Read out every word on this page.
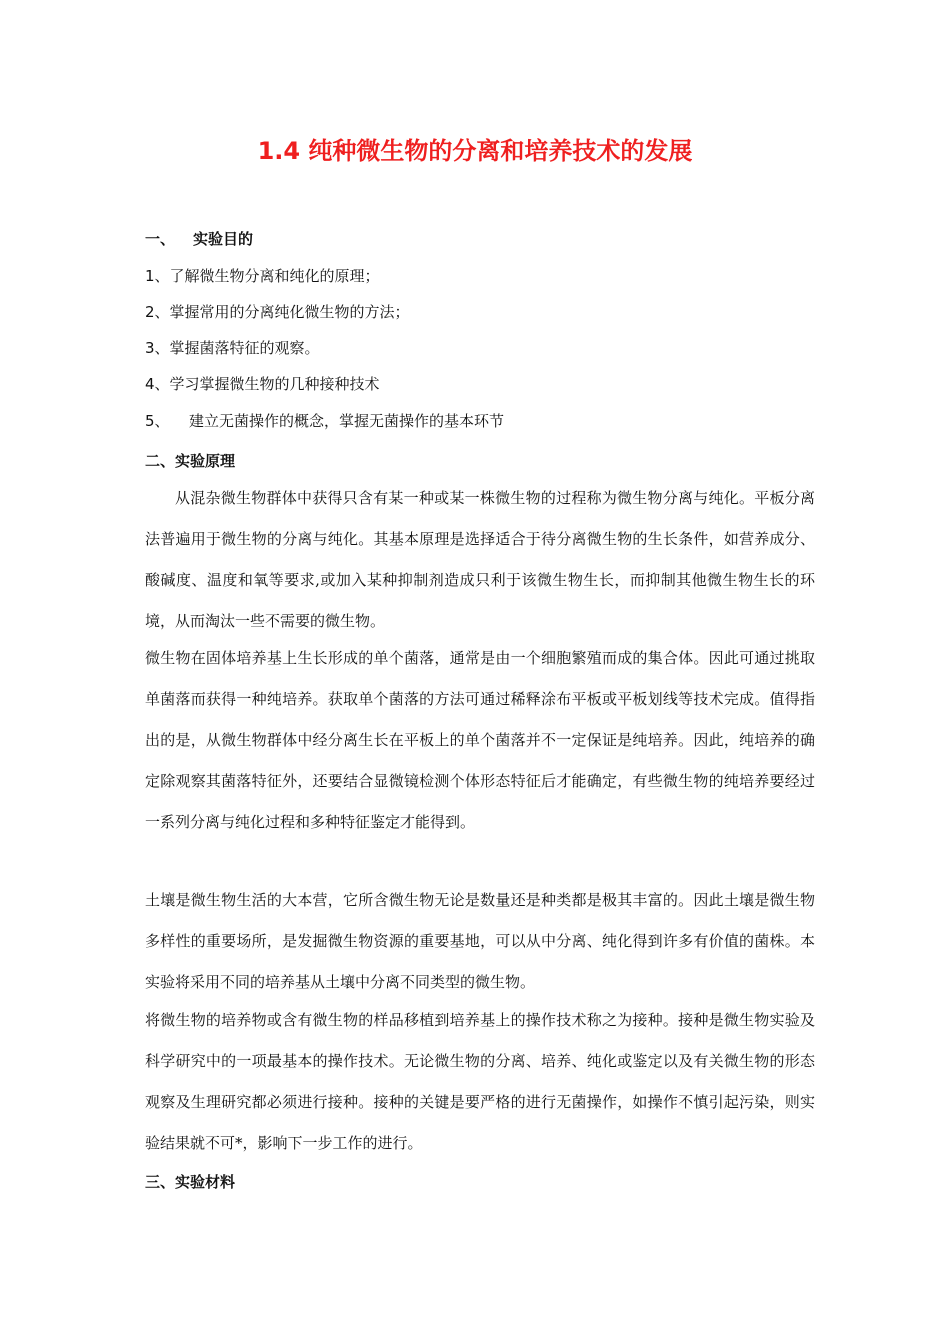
1.4 纯种微生物的分离和培养技术的发展
一、 实验目的
1、了解微生物分离和纯化的原理；
2、掌握常用的分离纯化微生物的方法；
3、掌握菌落特征的观察。
4、学习掌握微生物的几种接种技术
5、 建立无菌操作的概念，掌握无菌操作的基本环节
二、实验原理

从混杂微生物群体中获得只含有某一种或某一株微生物的过程称为微生物分离与纯化。平板分离法普遍用于微生物的分离与纯化。其基本原理是选择适合于待分离微生物的生长条件，如营养成分、酸碱度、温度和氧等要求,或加入某种抑制剂造成只利于该微生物生长，而抑制其他微生物生长的环境，从而淘汰一些不需要的微生物。

微生物在固体培养基上生长形成的单个菌落，通常是由一个细胞繁殖而成的集合体。因此可通过挑取单菌落而获得一种纯培养。获取单个菌落的方法可通过稀释涂布平板或平板划线等技术完成。值得指出的是，从微生物群体中经分离生长在平板上的单个菌落并不一定保证是纯培养。因此，纯培养的确定除观察其菌落特征外，还要结合显微镜检测个体形态特征后才能确定，有些微生物的纯培养要经过一系列分离与纯化过程和多种特征鉴定才能得到。

土壤是微生物生活的大本营，它所含微生物无论是数量还是种类都是极其丰富的。因此土壤是微生物多样性的重要场所，是发掘微生物资源的重要基地，可以从中分离、纯化得到许多有价值的菌株。本实验将采用不同的培养基从土壤中分离不同类型的微生物。

将微生物的培养物或含有微生物的样品移植到培养基上的操作技术称之为接种。接种是微生物实验及科学研究中的一项最基本的操作技术。无论微生物的分离、培养、纯化或鉴定以及有关微生物的形态观察及生理研究都必须进行接种。接种的关键是要严格的进行无菌操作，如操作不慎引起污染，则实验结果就不可*，影响下一步工作的进行。

三、实验材料
